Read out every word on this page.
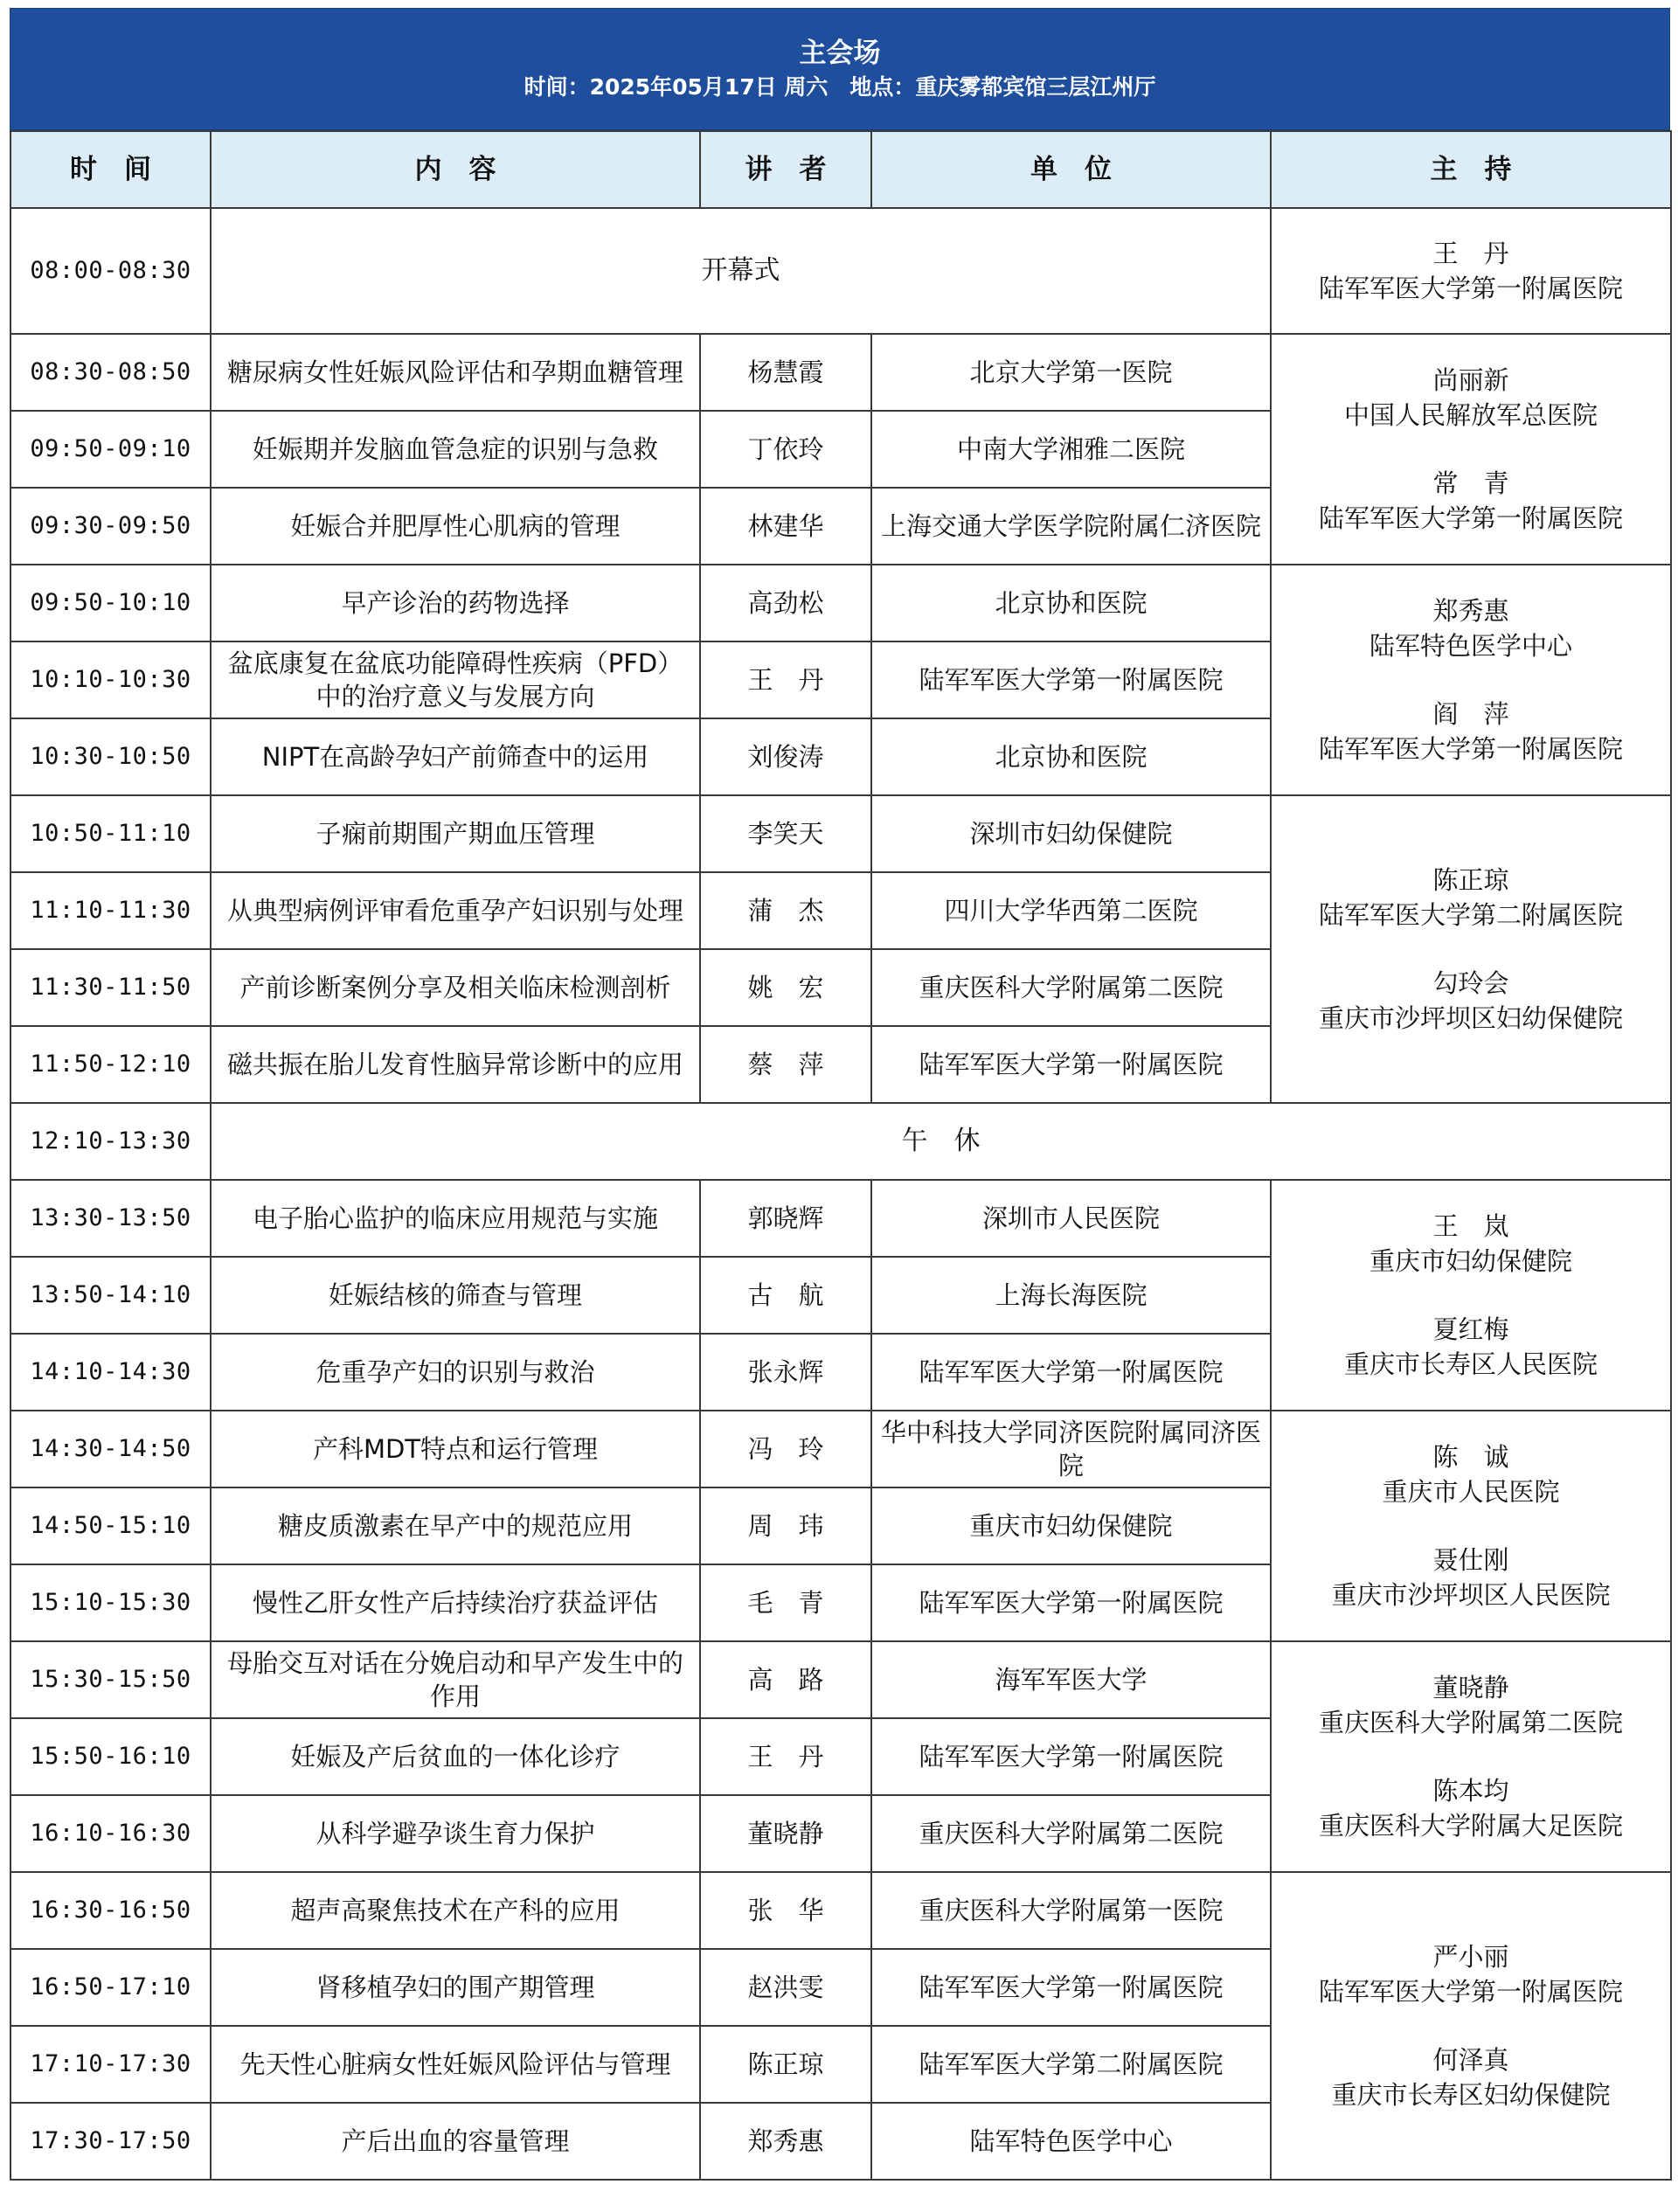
主会场
时间：2025年05月17日 周六　地点：重庆雾都宾馆三层江州厅
时　间	内　容	讲　者	单　位	主　持
08:00-08:30	开幕式			王　丹
陆军军医大学第一附属医院

08:30-08:50	糖尿病女性妊娠风险评估和孕期血糖管理	杨慧霞	北京大学第一医院	尚丽新
中国人民解放军总医院
常　青
陆军军医大学第一附属医院

09:50-09:10	妊娠期并发脑血管急症的识别与急救	丁依玲	中南大学湘雅二医院	
09:30-09:50	妊娠合并肥厚性心肌病的管理	林建华	上海交通大学医学院附属仁济医院	
09:50-10:10	早产诊治的药物选择	高劲松	北京协和医院	郑秀惠
陆军特色医学中心
阎　萍
陆军军医大学第一附属医院

10:10-10:30	盆底康复在盆底功能障碍性疾病（PFD）中的治疗意义与发展方向	王　丹	陆军军医大学第一附属医院	
10:30-10:50	NIPT在高龄孕妇产前筛查中的运用	刘俊涛	北京协和医院	
10:50-11:10	子痫前期围产期血压管理	李笑天	深圳市妇幼保健院	陈正琼
陆军军医大学第二附属医院
勾玲会
重庆市沙坪坝区妇幼保健院

11:10-11:30	从典型病例评审看危重孕产妇识别与处理	蒲　杰	四川大学华西第二医院	
11:30-11:50	产前诊断案例分享及相关临床检测剖析	姚　宏	重庆医科大学附属第二医院	
11:50-12:10	磁共振在胎儿发育性脑异常诊断中的应用	蔡　萍	陆军军医大学第一附属医院	
12:10-13:30	午　休			
13:30-13:50	电子胎心监护的临床应用规范与实施	郭晓辉	深圳市人民医院	王　岚
重庆市妇幼保健院
夏红梅
重庆市长寿区人民医院

13:50-14:10	妊娠结核的筛查与管理	古　航	上海长海医院	
14:10-14:30	危重孕产妇的识别与救治	张永辉	陆军军医大学第一附属医院	
14:30-14:50	产科MDT特点和运行管理	冯　玲	华中科技大学同济医院附属同济医院	陈　诚
重庆市人民医院
聂仕刚
重庆市沙坪坝区人民医院

14:50-15:10	糖皮质激素在早产中的规范应用	周　玮	重庆市妇幼保健院	
15:10-15:30	慢性乙肝女性产后持续治疗获益评估	毛　青	陆军军医大学第一附属医院	
15:30-15:50	母胎交互对话在分娩启动和早产发生中的作用	高　路	海军军医大学	董晓静
重庆医科大学附属第二医院
陈本均
重庆医科大学附属大足医院

15:50-16:10	妊娠及产后贫血的一体化诊疗	王　丹	陆军军医大学第一附属医院	
16:10-16:30	从科学避孕谈生育力保护	董晓静	重庆医科大学附属第二医院	
16:30-16:50	超声高聚焦技术在产科的应用	张　华	重庆医科大学附属第一医院	严小丽
陆军军医大学第一附属医院
何泽真
重庆市长寿区妇幼保健院

16:50-17:10	肾移植孕妇的围产期管理	赵洪雯	陆军军医大学第一附属医院	
17:10-17:30	先天性心脏病女性妊娠风险评估与管理	陈正琼	陆军军医大学第二附属医院	
17:30-17:50	产后出血的容量管理	郑秀惠	陆军特色医学中心	
